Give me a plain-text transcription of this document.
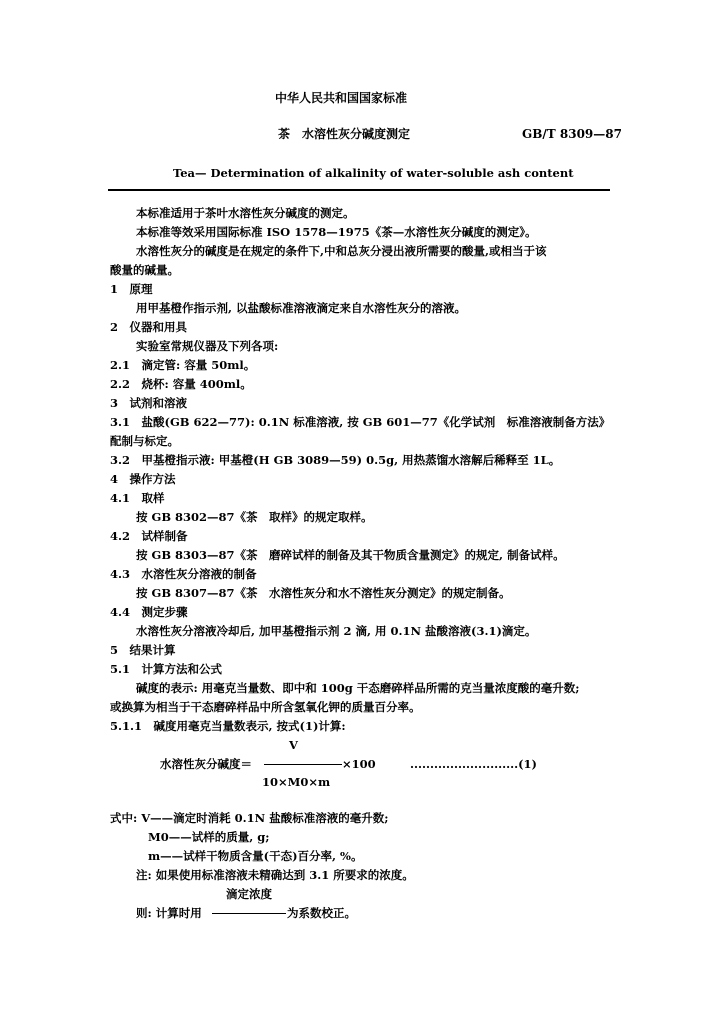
中华人民共和国国家标准
茶　水溶性灰分碱度测定	GB/T 8309—87
Tea— Determination of alkalinity of water-soluble ash content
本标准适用于茶叶水溶性灰分碱度的测定。
本标准等效采用国际标准 ISO 1578—1975《茶—水溶性灰分碱度的测定》。
水溶性灰分的碱度是在规定的条件下,中和总灰分浸出液所需要的酸量,或相当于该
酸量的碱量。
1　原理
用甲基橙作指示剂, 以盐酸标准溶液滴定来自水溶性灰分的溶液。
2　仪器和用具
实验室常规仪器及下列各项:
2.1　滴定管: 容量 50ml。
2.2　烧杯: 容量 400ml。
3　试剂和溶液
3.1　盐酸(GB 622—77): 0.1N 标准溶液, 按 GB 601—77《化学试剂　标准溶液制备方法》
配制与标定。
3.2　甲基橙指示液: 甲基橙(H GB 3089—59) 0.5g, 用热蒸馏水溶解后稀释至 1L。
4　操作方法
4.1　取样
按 GB 8302—87《茶　取样》的规定取样。
4.2　试样制备
按 GB 8303—87《茶　磨碎试样的制备及其干物质含量测定》的规定, 制备试样。
4.3　水溶性灰分溶液的制备
按 GB 8307—87《茶　水溶性灰分和水不溶性灰分测定》的规定制备。
4.4　测定步骤
水溶性灰分溶液冷却后, 加甲基橙指示剂 2 滴, 用 0.1N 盐酸溶液(3.1)滴定。
5　结果计算
5.1　计算方法和公式
碱度的表示: 用毫克当量数、即中和 100g 干态磨碎样品所需的克当量浓度酸的毫升数;
或换算为相当于干态磨碎样品中所含氢氧化钾的质量百分率。
5.1.1　碱度用毫克当量数表示, 按式(1)计算:
V
水溶性灰分碱度＝	×100	...........................(1)
10×M0×m
式中: V——滴定时消耗 0.1N 盐酸标准溶液的毫升数;
M0——试样的质量, g;
m——试样干物质含量(干态)百分率, %。
注: 如果使用标准溶液未精确达到 3.1 所要求的浓度。
滴定浓度
则: 计算时用	为系数校正。
